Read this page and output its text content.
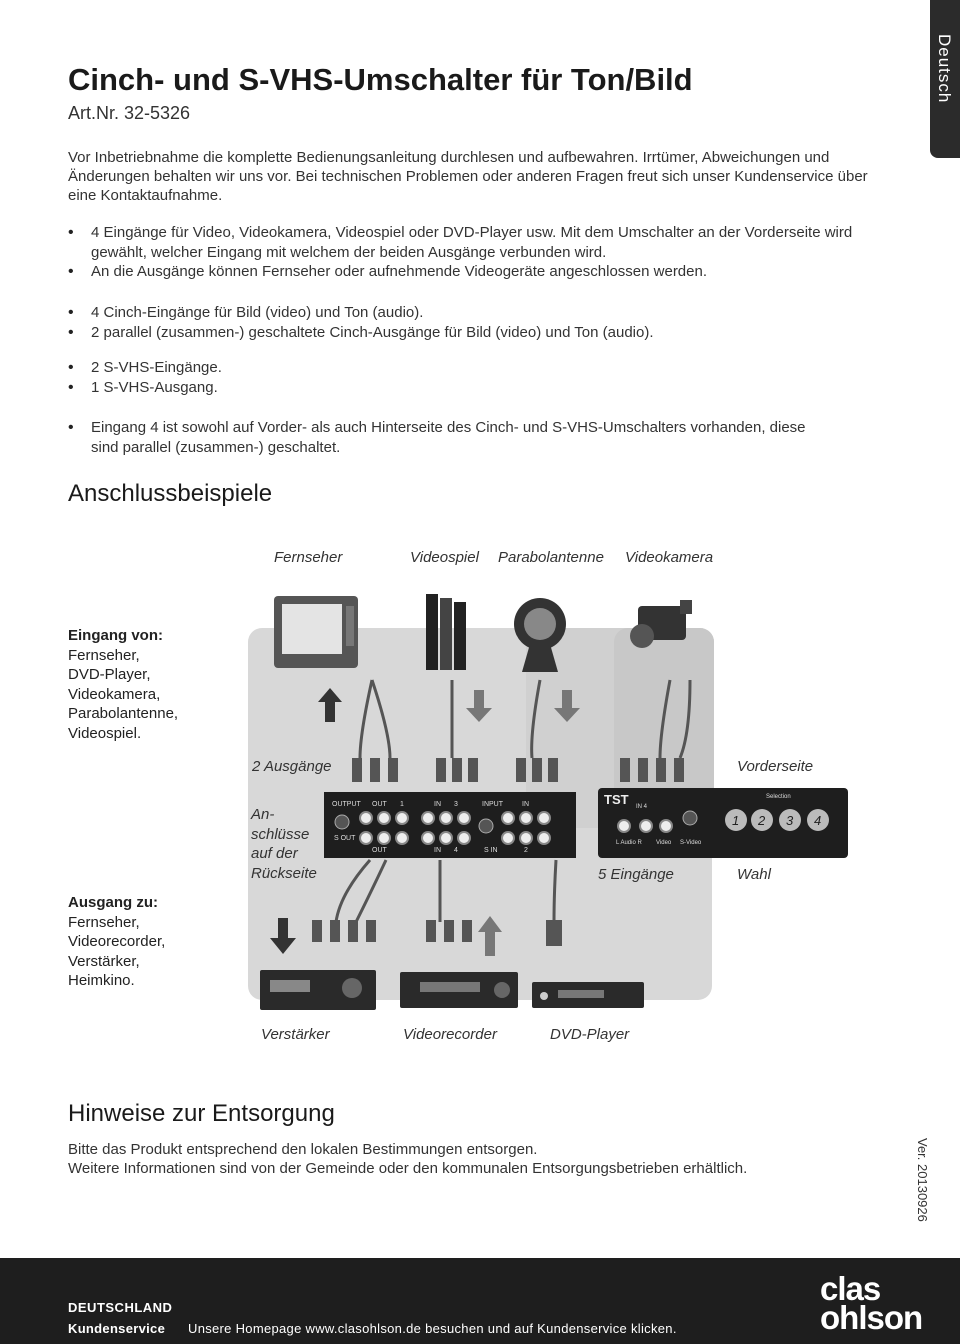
Deutsch
Cinch- und S-VHS-Umschalter für Ton/Bild
Art.Nr. 32-5326

Vor Inbetriebnahme die komplette Bedienungsanleitung durchlesen und aufbewahren. Irrtümer, Abweichungen und Änderungen behalten wir uns vor. Bei technischen Problemen oder anderen Fragen freut sich unser Kundenservice über eine Kontaktaufnahme.

• 4 Eingänge für Video, Videokamera, Videospiel oder DVD-Player usw. Mit dem Umschalter an der Vorderseite wird gewählt, welcher Eingang mit welchem der beiden Ausgänge verbunden wird.
• An die Ausgänge können Fernseher oder aufnehmende Videogeräte angeschlossen werden.
• 4 Cinch-Eingänge für Bild (video) und Ton (audio).
• 2 parallel (zusammen-) geschaltete Cinch-Ausgänge für Bild (video) und Ton (audio).
• 2 S-VHS-Eingänge.
• 1 S-VHS-Ausgang.
• Eingang 4 ist sowohl auf Vorder- als auch Hinterseite des Cinch- und S-VHS-Umschalters vorhanden, diese sind parallel (zusammen-) geschaltet.
Anschlussbeispiele
Fernseher	Videospiel Parabolantenne Videokamera
Eingang von:
Fernseher,
DVD-Player,
Videokamera,
Parabolantenne,
Videospiel.
Ausgang zu:
Fernseher,
Videorecorder,
Verstärker,
Heimkino.
OUTPUT OUT 1	IN 3	INPUT	IN
S OUT
OUT	IN 4	S IN	2
TST IN 4
L Audio R Video S-Video
Selection
1 2 3 4
2 Ausgänge	Vorderseite
An-
schlüsse
auf der
Rückseite	5 Eingänge	Wahl
Verstärker	Videorecorder	DVD-Player
Hinweise zur Entsorgung
Bitte das Produkt entsprechend den lokalen Bestimmungen entsorgen.
Weitere Informationen sind von der Gemeinde oder den kommunalen Entsorgungsbetrieben erhältlich.	Ver. 20130926
DEUTSCHLAND
Kundenservice Unsere Homepage www.clasohlson.de besuchen und auf Kundenservice klicken.
clas
ohlson
